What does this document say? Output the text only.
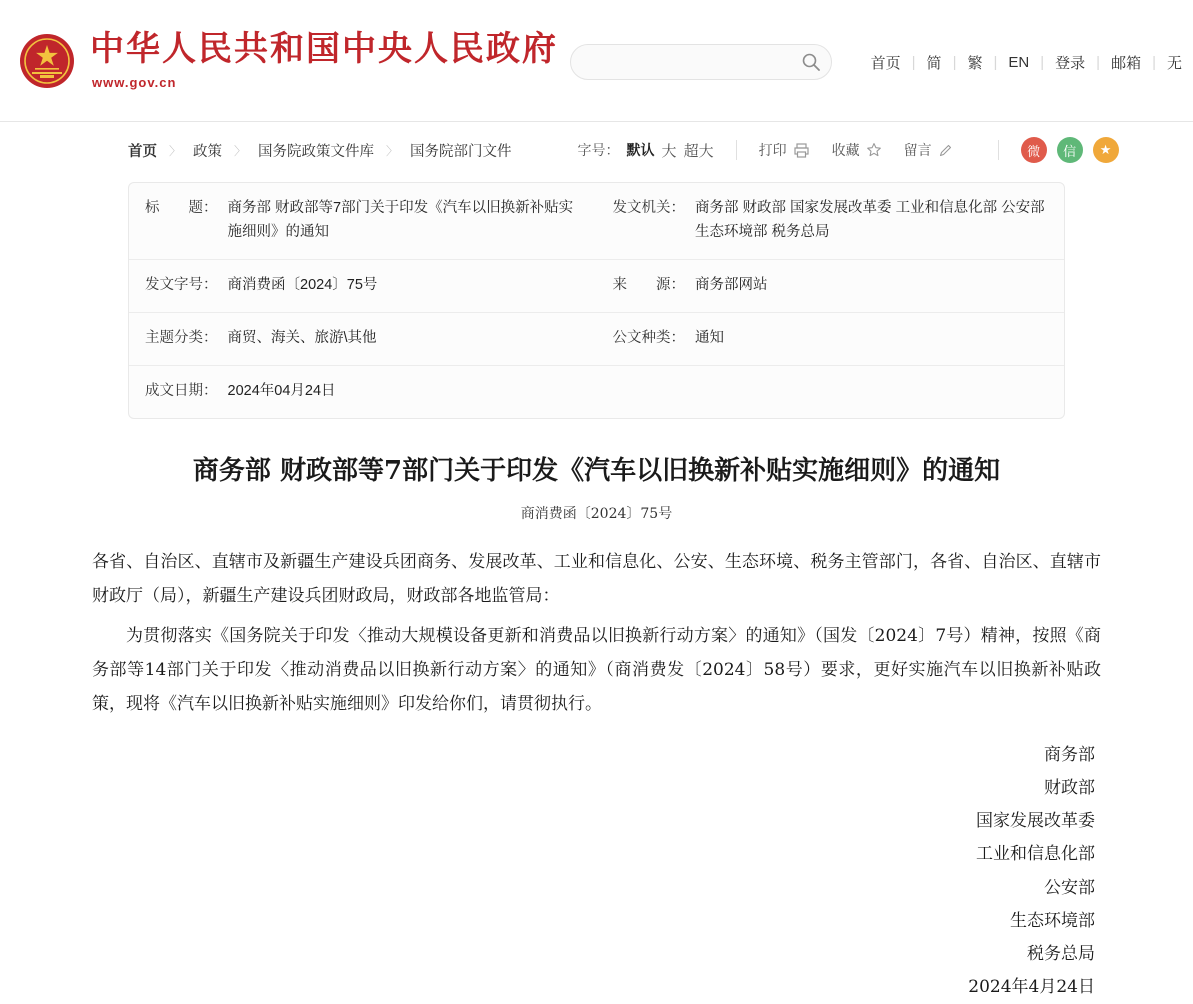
中华人民共和国中央人民政府
www.gov.cn
首页 | 简 | 繁 | EN | 登录 | 邮箱 | 无
首页 〉 政策 〉 国务院政策文件库 〉 国务院部门文件	字号： 默认 大 超大	打印	收藏	留言	微	信	★
标　　题： 商务部 财政部等7部门关于印发《汽车以旧换新补贴实施细则》的通知
发文机关： 商务部 财政部 国家发展改革委 工业和信息化部 公安部 生态环境部 税务总局
发文字号： 商消费函〔2024〕75号	来　　源： 商务部网站
主题分类： 商贸、海关、旅游\其他	公文种类： 通知
成文日期： 2024年04月24日
商务部 财政部等7部门关于印发《汽车以旧换新补贴实施细则》的通知
商消费函〔2024〕75号

各省、自治区、直辖市及新疆生产建设兵团商务、发展改革、工业和信息化、公安、生态环境、税务主管部门，各省、自治区、直辖市财政厅（局），新疆生产建设兵团财政局，财政部各地监管局：

为贯彻落实《国务院关于印发〈推动大规模设备更新和消费品以旧换新行动方案〉的通知》（国发〔2024〕7号）精神，按照《商务部等14部门关于印发〈推动消费品以旧换新行动方案〉的通知》（商消费发〔2024〕58号）要求，更好实施汽车以旧换新补贴政策，现将《汽车以旧换新补贴实施细则》印发给你们，请贯彻执行。

商务部
财政部
国家发展改革委
工业和信息化部
公安部
生态环境部
税务总局
2024年4月24日
